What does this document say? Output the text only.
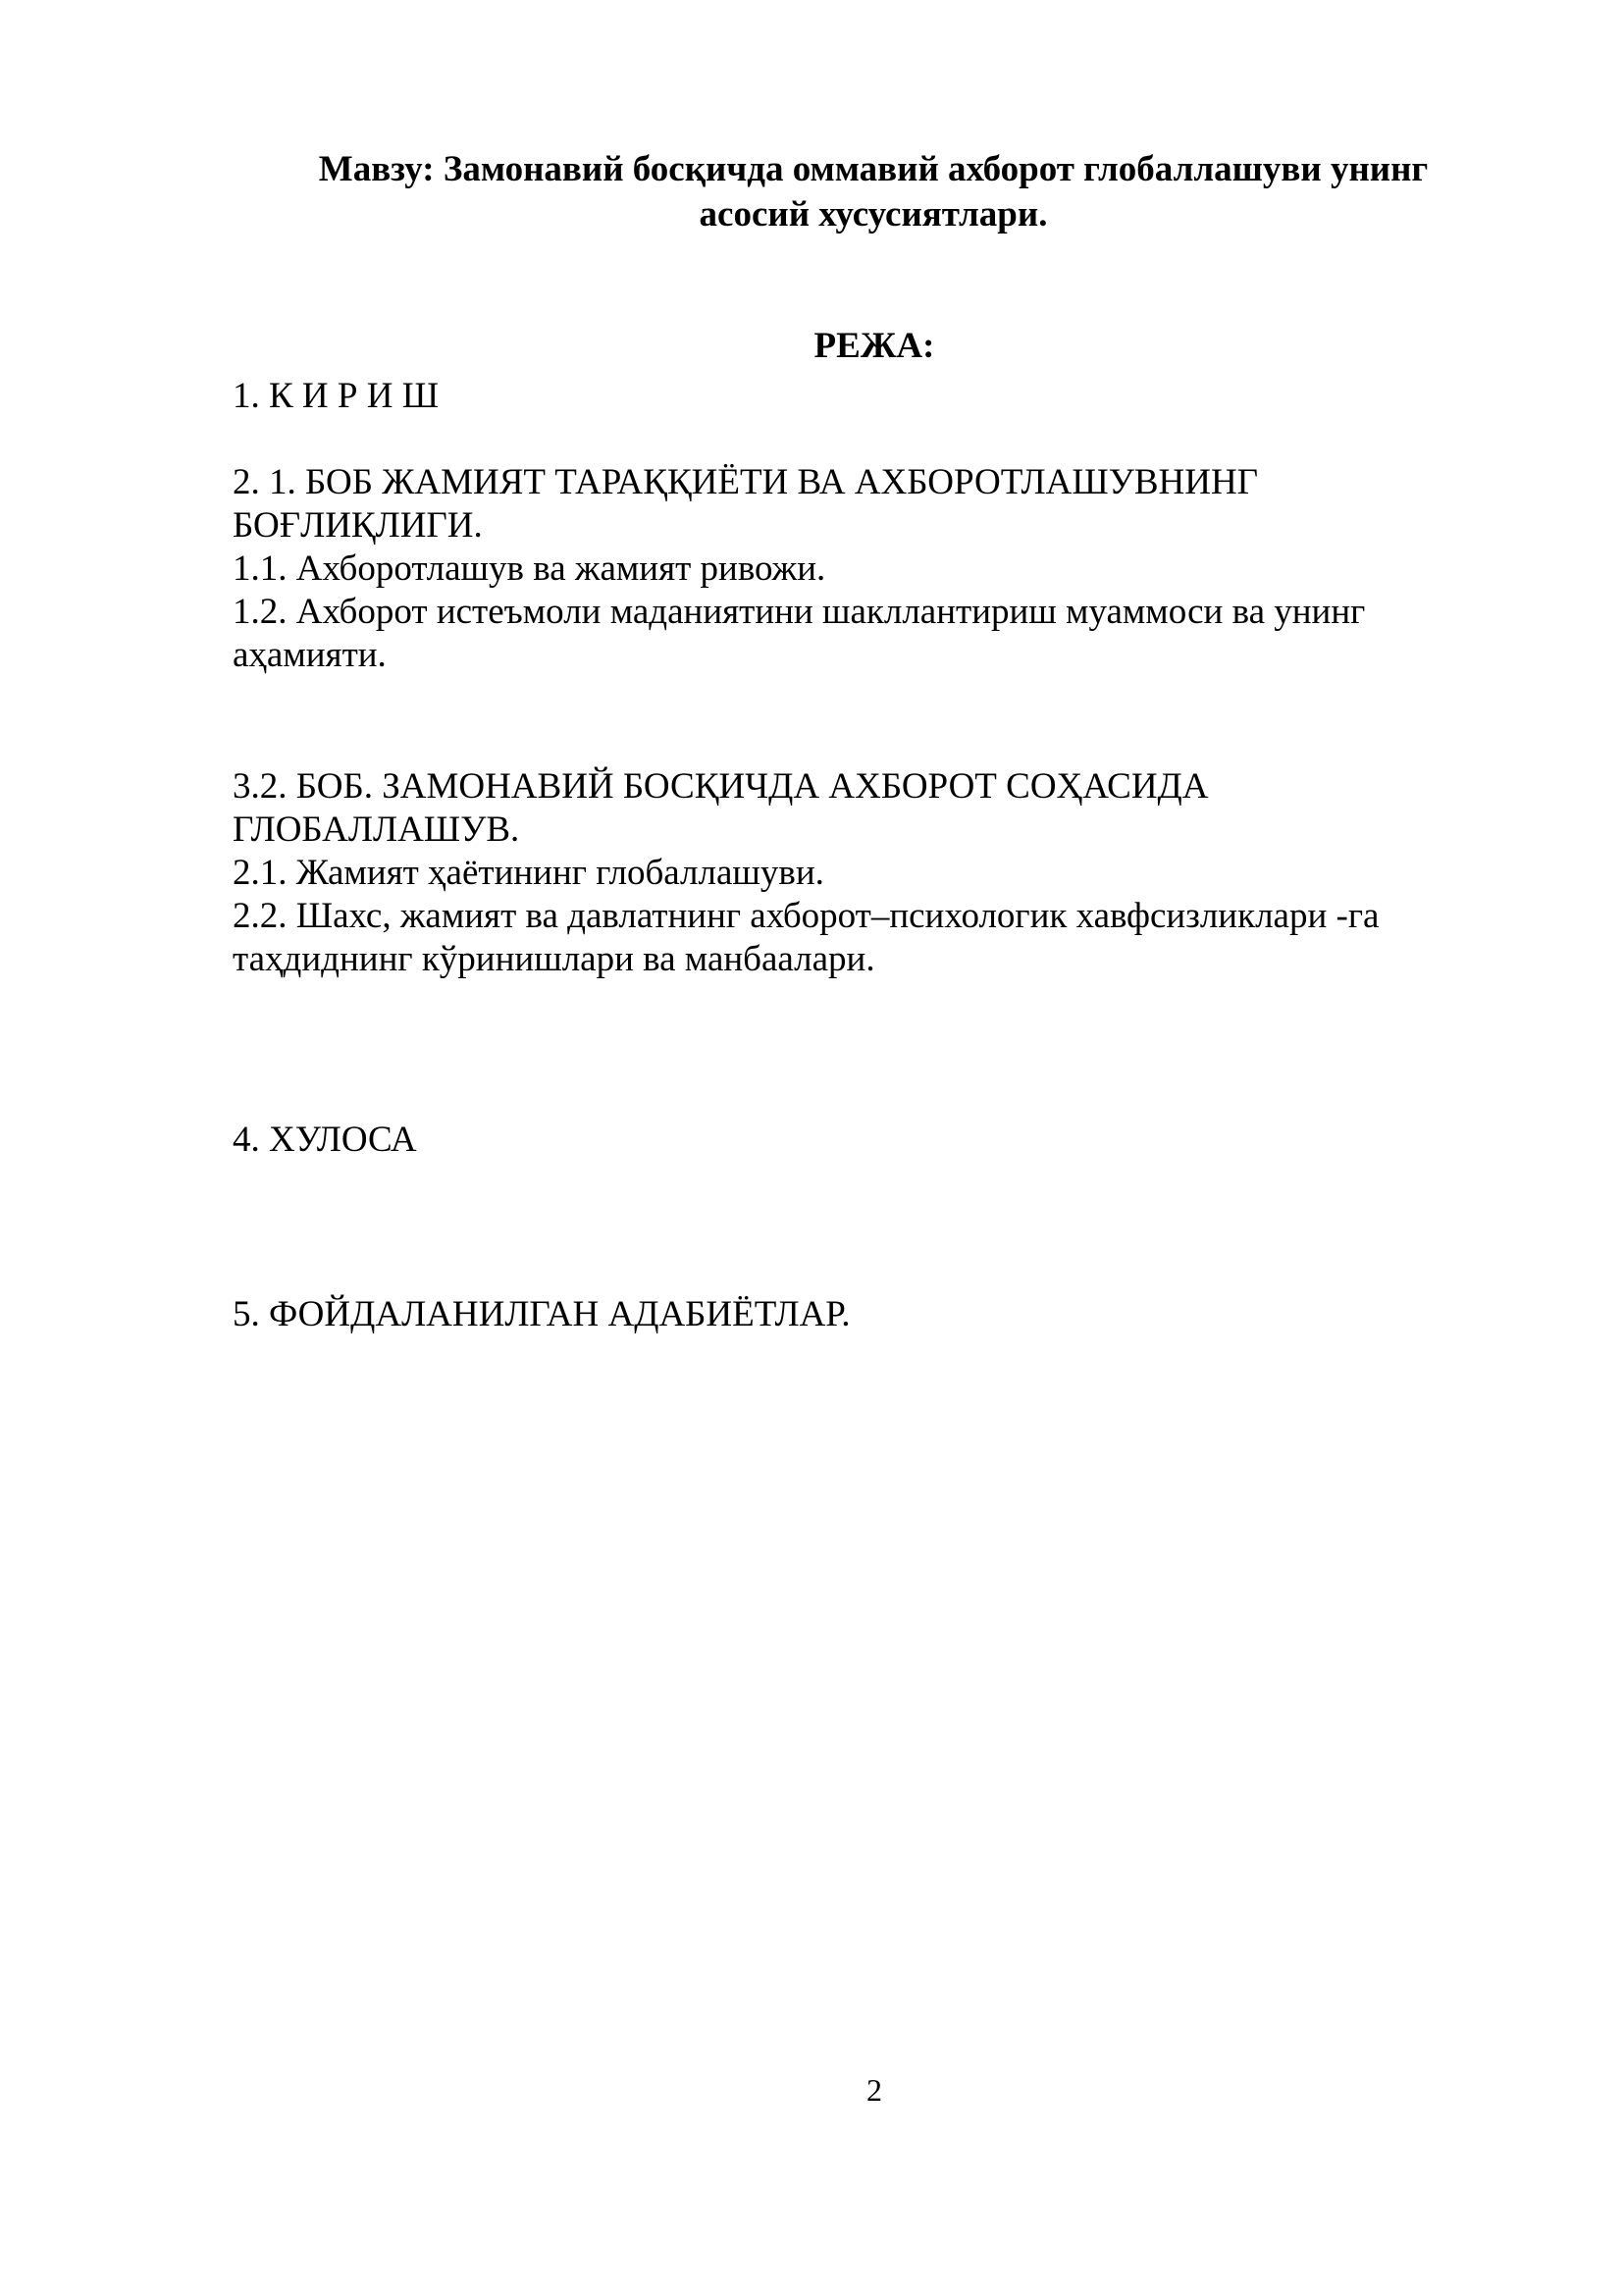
Мавзу: Замонавий босқичда оммавий ахборот глобаллашуви унинг
асосий хусусиятлари.
РЕЖА:
1. К И Р И Ш
2. 1. БОБ ЖАМИЯТ ТАРАҚҚИЁТИ ВА АХБОРОТЛАШУВНИНГ
БОҒЛИҚЛИГИ.
1.1. Ахборотлашув ва жамият ривожи.
1.2. Ахборот истеъмоли маданиятини шакллантириш муаммоси ва унинг
аҳамияти.
3.2. БОБ. ЗАМОНАВИЙ БОСҚИЧДА АХБОРОТ СОҲАСИДА
ГЛОБАЛЛАШУВ.
2.1. Жамият ҳаётининг глобаллашуви.
2.2. Шахс, жамият ва давлатнинг ахборот–психологик хавфсизликлари -га
таҳдиднинг кўринишлари ва манбаалари.
4. ХУЛОСА
5. ФОЙДАЛАНИЛГАН АДАБИЁТЛАР.
2
